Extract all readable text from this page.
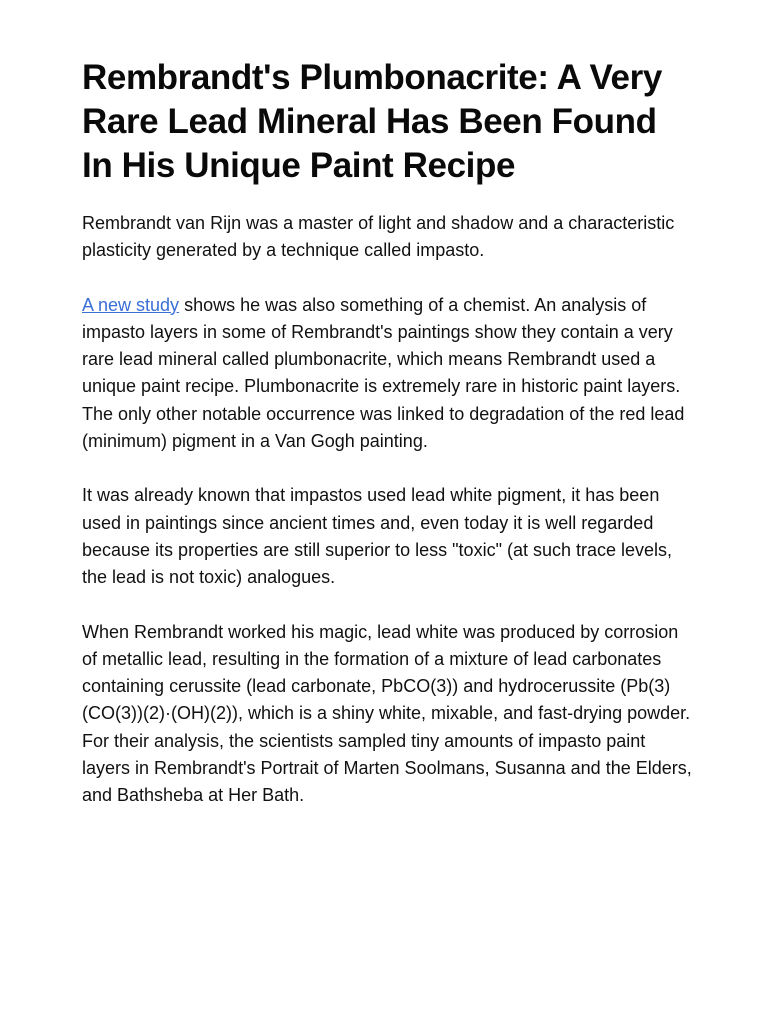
Rembrandt's Plumbonacrite: A Very Rare Lead Mineral Has Been Found In His Unique Paint Recipe

Rembrandt van Rijn was a master of light and shadow and a characteristic plasticity generated by a technique called impasto.

A new study shows he was also something of a chemist. An analysis of impasto layers in some of Rembrandt's paintings show they contain a very rare lead mineral called plumbonacrite, which means Rembrandt used a unique paint recipe. Plumbonacrite is extremely rare in historic paint layers. The only other notable occurrence was linked to degradation of the red lead (minimum) pigment in a Van Gogh painting.

It was already known that impastos used lead white pigment, it has been used in paintings since ancient times and, even today it is well regarded because its properties are still superior to less "toxic" (at such trace levels, the lead is not toxic) analogues.

When Rembrandt worked his magic, lead white was produced by corrosion of metallic lead, resulting in the formation of a mixture of lead carbonates containing cerussite (lead carbonate, PbCO(3)) and hydrocerussite (Pb(3)(CO(3))(2)·(OH)(2)), which is a shiny white, mixable, and fast-drying powder. For their analysis, the scientists sampled tiny amounts of impasto paint layers in Rembrandt's Portrait of Marten Soolmans, Susanna and the Elders, and Bathsheba at Her Bath.
